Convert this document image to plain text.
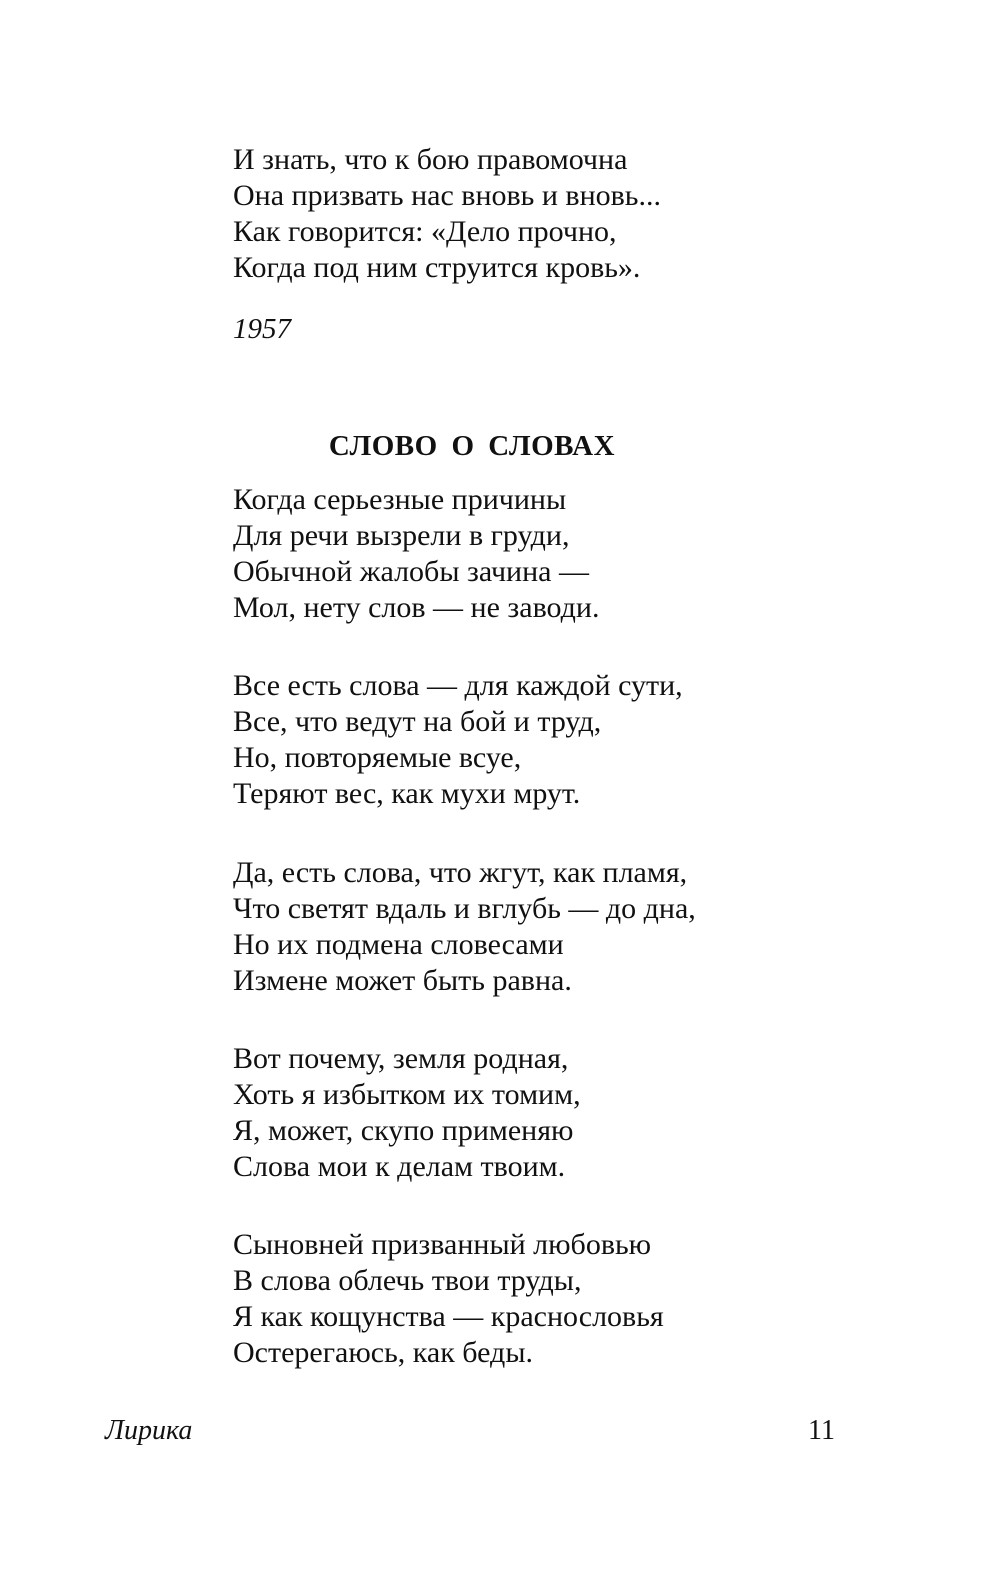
И знать, что к бою правомочна
Она призвать нас вновь и вновь...
Как говорится: «Дело прочно,
Когда под ним струится кровь».
1957
СЛОВО О СЛОВАХ
Когда серьезные причины
Для речи вызрели в груди,
Обычной жалобы зачина —
Мол, нету слов — не заводи.
Все есть слова — для каждой сути,
Все, что ведут на бой и труд,
Но, повторяемые всуе,
Теряют вес, как мухи мрут.
Да, есть слова, что жгут, как пламя,
Что светят вдаль и вглубь — до дна,
Но их подмена словесами
Измене может быть равна.
Вот почему, земля родная,
Хоть я избытком их томим,
Я, может, скупо применяю
Слова мои к делам твоим.
Сыновней призванный любовью
В слова облечь твои труды,
Я как кощунства — краснословья
Остерегаюсь, как беды.
Лирика	11
